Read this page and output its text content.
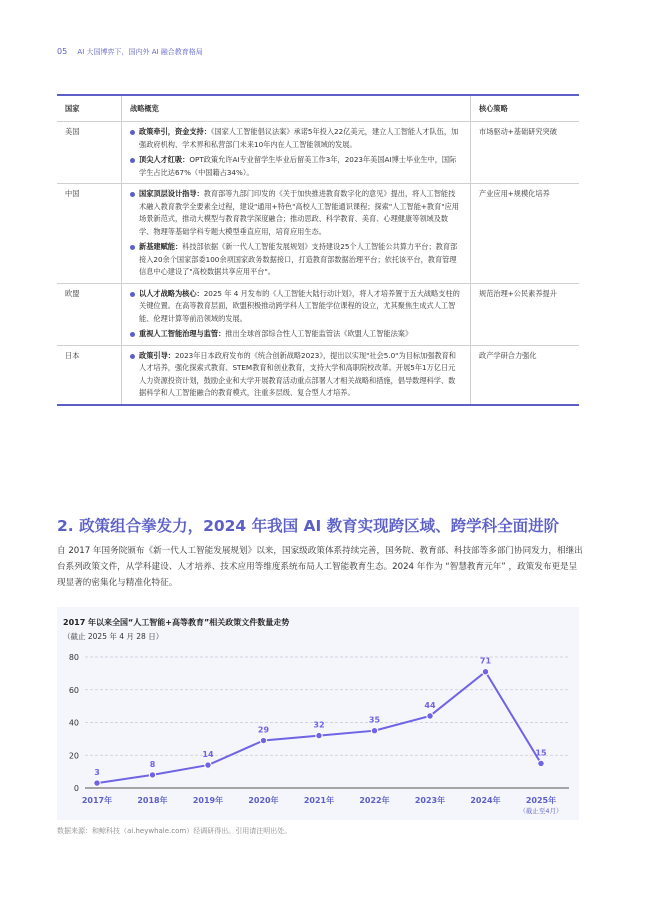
05 AI 大国博弈下，国内外 AI 融合教育格局
国家	战略概览	核心策略
美国	政策牵引，资金支持：《国家人工智能倡议法案》承诺5年投入22亿美元，建立人工智能人才队伍，加强政府机构、学术界和私营部门未来10年内在人工智能领域的发展。
顶尖人才红吸：OPT政策允许AI专业留学生毕业后留美工作3年，2023年美国AI博士毕业生中，国际学生占比达67%（中国籍占34%）。	市场驱动+基础研究突破
中国	国家顶层设计指导：教育部等九部门印发的《关于加快推进教育数字化的意见》提出，将人工智能技术融入教育教学全要素全过程，建设"通用+特色"高校人工智能通识课程；探索"人工智能+教育"应用场景新范式，推动大模型与教育教学深度融合；推动思政、科学教育、美育、心理健康等领域及数学、物理等基础学科专题大模型垂直应用，培育应用生态。
新基建赋能：科技部依据《新一代人工智能发展规划》支持建设25个人工智能公共算力平台；教育部接入20余个国家部委100余项国家政务数据接口，打造教育部数据治理平台；依托该平台，教育管理信息中心建设了"高校数据共享应用平台"。	产业应用+规模化培养
欧盟	以人才战略为核心：2025 年 4 月发布的《人工智能大陆行动计划》，将人才培养置于五大战略支柱的关键位置。在高等教育层面，欧盟积极推动跨学科人工智能学位课程的设立，尤其聚焦生成式人工智能、伦理计算等前沿领域的发展。
重视人工智能治理与监管：推出全球首部综合性人工智能监管法《欧盟人工智能法案》	规范治理+公民素养提升
日本	政策引导：2023年日本政府发布的《统合创新战略2023》，提出以实现"社会5.0"为目标加强教育和人才培养，强化探索式教育、STEM教育和创业教育，支持大学和高职院校改革。开展5年1万亿日元人力资源投资计划，鼓励企业和大学开展教育活动重点部署人才相关战略和措施，倡导数理科学、数据科学和人工智能融合的教育模式，注重多层级、复合型人才培养。	政产学研合力强化
2. 政策组合拳发力，2024 年我国 AI 教育实现跨区域、跨学科全面进阶
自 2017 年国务院颁布《新一代人工智能发展规划》以来，国家级政策体系持续完善，国务院、教育部、科技部等多部门协同发力，相继出台系列政策文件，从学科建设、人才培养、技术应用等维度系统布局人工智能教育生态。2024 年作为 “智慧教育元年” ，政策发布更是呈现显著的密集化与精准化特征。
2017 年以来全国“人工智能+高等教育”相关政策文件数量走势
（截止 2025 年 4 月 28 日）
0
20
40
60
80
3
2017年
8
2018年
14
2019年
29
2020年
32
2021年
35
2022年
44
2023年
71
2024年
15
2025年
（截止至4月）
数据来源：和鲸科技（ai.heywhale.com）经调研得出。引用请注明出处。
